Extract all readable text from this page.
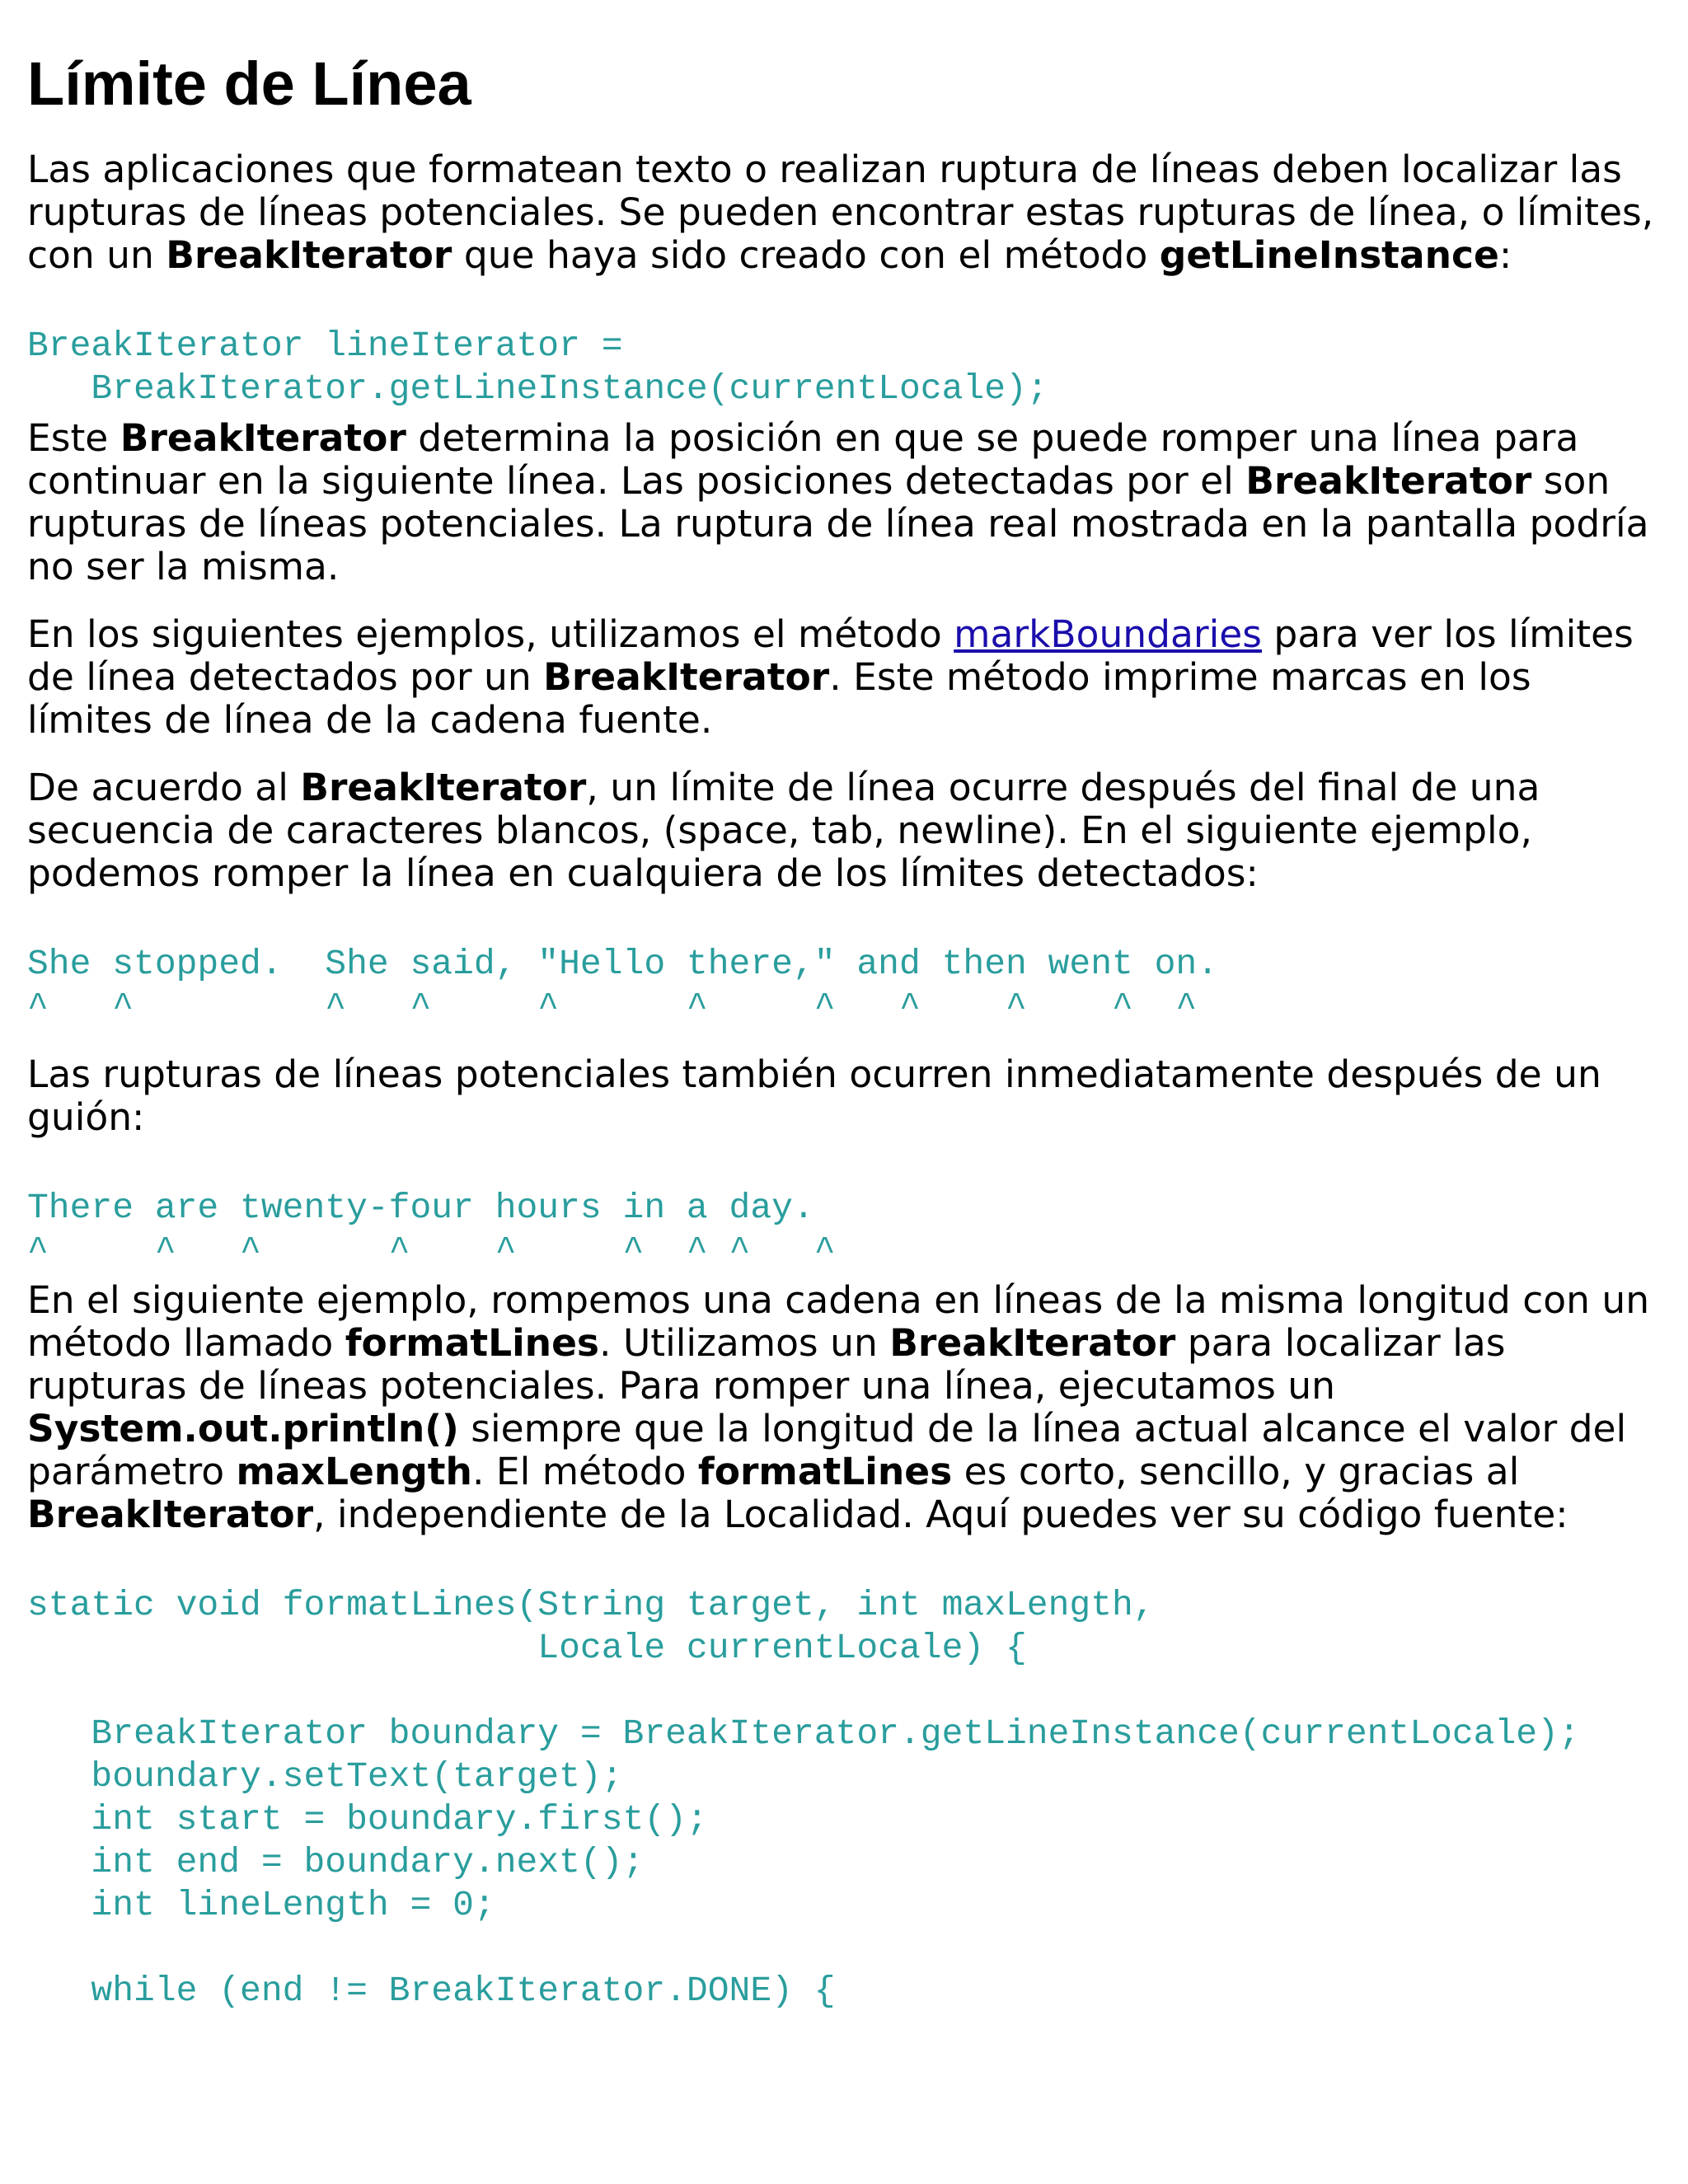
Límite de Línea

Las aplicaciones que formatean texto o realizan ruptura de líneas deben localizar las rupturas de líneas potenciales. Se pueden encontrar estas rupturas de línea, o límites, con un BreakIterator que haya sido creado con el método getLineInstance:

BreakIterator lineIterator =
BreakIterator.getLineInstance(currentLocale);

Este BreakIterator determina la posición en que se puede romper una línea para continuar en la siguiente línea. Las posiciones detectadas por el BreakIterator son rupturas de líneas potenciales. La ruptura de línea real mostrada en la pantalla podría no ser la misma.

En los siguientes ejemplos, utilizamos el método markBoundaries para ver los límites de línea detectados por un BreakIterator. Este método imprime marcas en los límites de línea de la cadena fuente.

De acuerdo al BreakIterator, un límite de línea ocurre después del final de una secuencia de caracteres blancos, (space, tab, newline). En el siguiente ejemplo, podemos romper la línea en cualquiera de los límites detectados:

She stopped.  She said, "Hello there," and then went on.
^   ^         ^   ^     ^      ^     ^   ^    ^    ^  ^

Las rupturas de líneas potenciales también ocurren inmediatamente después de un guión:

There are twenty-four hours in a day.
^     ^   ^      ^    ^     ^  ^ ^   ^

En el siguiente ejemplo, rompemos una cadena en líneas de la misma longitud con un método llamado formatLines. Utilizamos un BreakIterator para localizar las rupturas de líneas potenciales. Para romper una línea, ejecutamos un System.out.println() siempre que la longitud de la línea actual alcance el valor del parámetro maxLength. El método formatLines es corto, sencillo, y gracias al BreakIterator, independiente de la Localidad. Aquí puedes ver su código fuente:

static void formatLines(String target, int maxLength,
Locale currentLocale) {

BreakIterator boundary = BreakIterator.getLineInstance(currentLocale);
boundary.setText(target);
int start = boundary.first();
int end = boundary.next();
int lineLength = 0;

while (end != BreakIterator.DONE) {
